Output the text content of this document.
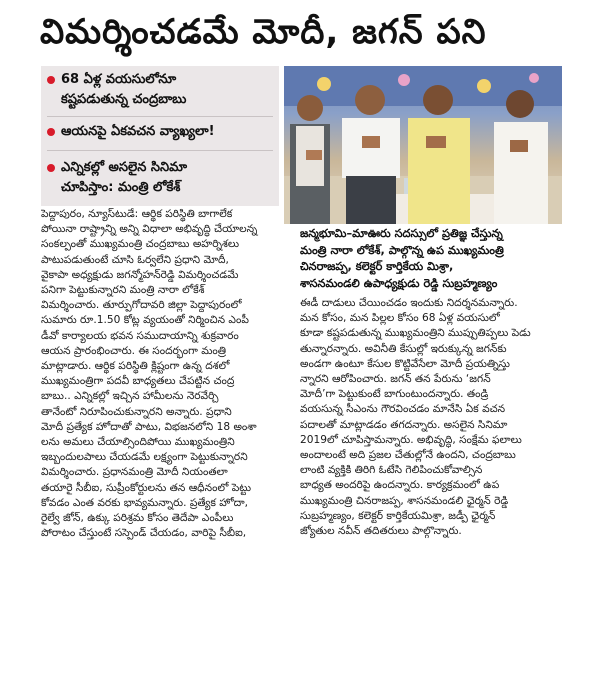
విమర్శించడమే మోదీ, జగన్‌ పని
68 ఏళ్ల వయసులోనూ
కష్టపడుతున్న చంద్రబాబు
ఆయనపై ఏకవచన వ్యాఖ్యలా!
ఎన్నికల్లో అసలైన సినిమా
చూపిస్తాం: మంత్రి లోకేశ్‌
జన్మభూమి–మాఊరు సదస్సులో ప్రతిజ్ఞ చేస్తున్న
మంత్రి నారా లోకేశ్‌, పాల్గొన్న ఉప ముఖ్యమంత్రి
చినరాజప్ప, కలెక్టర్‌ కార్తికేయ మిశ్రా,
శాసనమండలి ఉపాధ్యక్షుడు రెడ్డి సుబ్రహ్మణ్యం
పెద్దాపురం, న్యూస్‌టుడే: ఆర్థిక పరిస్థితి బాగాలేక
పోయినా రాష్ట్రాన్ని అన్ని విధాలా అభివృద్ధి చేయాలన్న
సంకల్పంతో ముఖ్యమంత్రి చంద్రబాబు అహర్నిశలు
పాటుపడుతుంటే చూసి ఓర్వలేని ప్రధాని మోదీ,
వైకాపా అధ్యక్షుడు జగన్మోహన్‌రెడ్డి విమర్శించడమే
పనిగా పెట్టుకున్నారని మంత్రి నారా లోకేశ్‌
విమర్శించారు. తూర్పుగోదావరి జిల్లా పెద్దాపురంలో
సుమారు రూ.1.50 కోట్ల వ్యయంతో నిర్మించిన ఎంపీ
డీవో కార్యాలయ భవన సముదాయాన్ని శుక్రవారం
ఆయన ప్రారంభించారు. ఈ సందర్భంగా మంత్రి
మాట్లాడారు. ఆర్థిక పరిస్థితి క్లిష్టంగా ఉన్న దశలో
ముఖ్యమంత్రిగా పదవీ బాధ్యతలు చేపట్టిన చంద్ర
బాబు.. ఎన్నికల్లో ఇచ్చిన హామీలను నెరవేర్చి
తానేంటో నిరూపించుకున్నారని అన్నారు. ప్రధాని
మోదీ ప్రత్యేక హోదాతో పాటు, విభజనలోని 18 అంశా
లను అమలు చేయాల్సిందిపోయి ముఖ్యమంత్రిని
ఇబ్బందులపాలు చేయడమే లక్ష్యంగా పెట్టుకున్నారని
విమర్శించారు. ప్రధానమంత్రి మోదీ నియంతలా
తయారై సీబీఐ, సుప్రీంకోర్టులను తన ఆధీనంలో పెట్టు
కోవడం ఎంత వరకు భావ్యమన్నారు. ప్రత్యేక హోదా,
రైల్వే జోన్‌, ఉక్కు పరిశ్రమ కోసం తెదేపా ఎంపీలు
పోరాటం చేస్తుంటే సస్పెండ్‌ చేయడం, వారిపై సీబీఐ,
ఈడీ దాడులు చేయించడం ఇందుకు నిదర్శనమన్నారు.
మన కోసం, మన పిల్లల కోసం 68 ఏళ్ల వయసులో
కూడా కష్టపడుతున్న ముఖ్యమంత్రిని ముప్పుతిప్పలు పెడు
తున్నారన్నారు. అవినీతి కేసుల్లో ఇరుక్కున్న జగన్‌కు
అండగా ఉంటూ కేసుల కొట్టివేసేలా మోదీ ప్రయత్నిస్తు
న్నారని ఆరోపించారు. జగన్‌ తన పేరును ‘జగన్‌
మోదీ’గా పెట్టుకుంటే బాగుంటుందన్నారు. తండ్రి
వయసున్న సీఎంను గౌరవించడం మానేసి ఏక వచన
పదాలతో మాట్లాడడం తగదన్నారు. అసలైన సినిమా
2019లో చూపిస్తామన్నారు. అభివృద్ధి, సంక్షేమ ఫలాలు
అందాలంటే అది ప్రజల చేతుల్లోనే ఉందని, చంద్రబాబు
లాంటి వ్యక్తికి తిరిగి ఓటేసి గెలిపించుకోవాల్సిన
బాధ్యత అందరిపై ఉందన్నారు. కార్యక్రమంలో ఉప
ముఖ్యమంత్రి చినరాజప్ప, శాసనమండలి ఛైర్మన్‌ రెడ్డి
సుబ్రహ్మణ్యం, కలెక్టర్‌ కార్తికేయమిశ్రా, జడ్పీ ఛైర్మన్‌
జ్యోతుల నవీన్‌ తదితరులు పాల్గొన్నారు.
